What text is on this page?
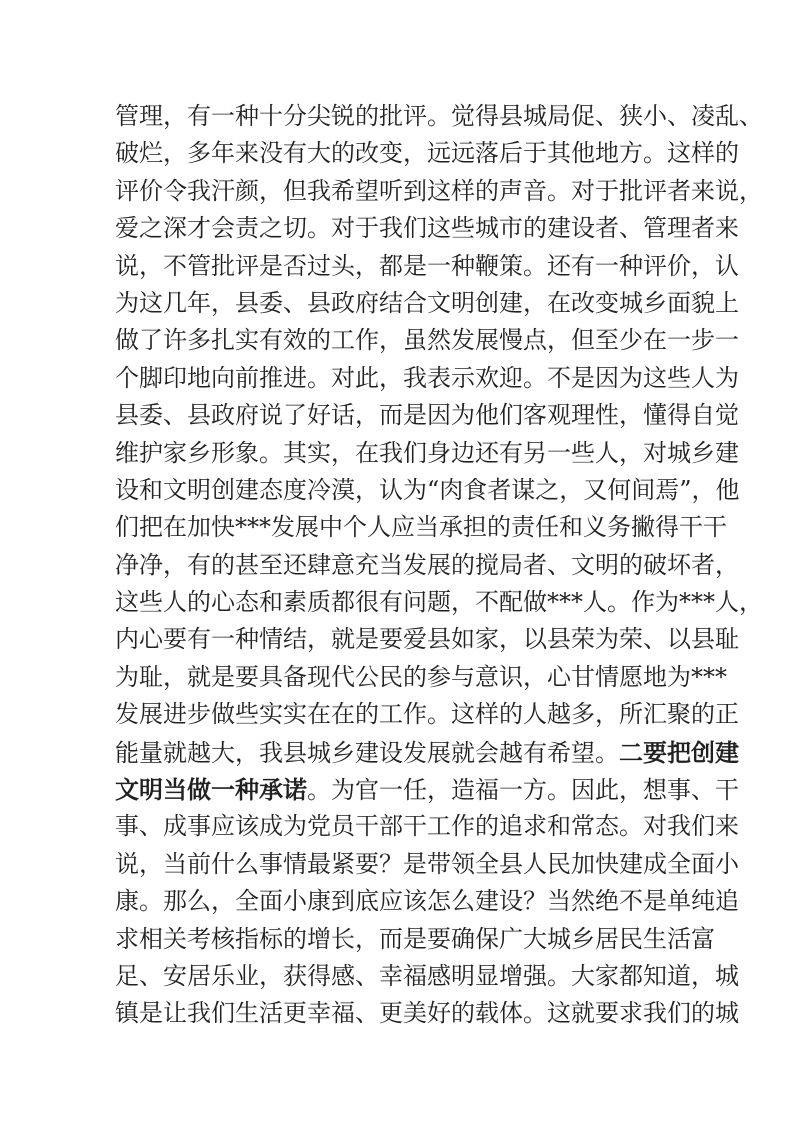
管理，有一种十分尖锐的批评。觉得县城局促、狭小、凌乱、
破烂，多年来没有大的改变，远远落后于其他地方。这样的
评价令我汗颜，但我希望听到这样的声音。对于批评者来说，
爱之深才会责之切。对于我们这些城市的建设者、管理者来
说，不管批评是否过头，都是一种鞭策。还有一种评价，认
为这几年，县委、县政府结合文明创建，在改变城乡面貌上
做了许多扎实有效的工作，虽然发展慢点，但至少在一步一
个脚印地向前推进。对此，我表示欢迎。不是因为这些人为
县委、县政府说了好话，而是因为他们客观理性，懂得自觉
维护家乡形象。其实，在我们身边还有另一些人，对城乡建
设和文明创建态度冷漠，认为“肉食者谋之，又何间焉”，他
们把在加快***发展中个人应当承担的责任和义务撇得干干
净净，有的甚至还肆意充当发展的搅局者、文明的破坏者，
这些人的心态和素质都很有问题，不配做***人。作为***人，
内心要有一种情结，就是要爱县如家，以县荣为荣、以县耻
为耻，就是要具备现代公民的参与意识，心甘情愿地为***
发展进步做些实实在在的工作。这样的人越多，所汇聚的正
能量就越大，我县城乡建设发展就会越有希望。二要把创建
文明当做一种承诺。为官一任，造福一方。因此，想事、干
事、成事应该成为党员干部干工作的追求和常态。对我们来
说，当前什么事情最紧要？是带领全县人民加快建成全面小
康。那么，全面小康到底应该怎么建设？当然绝不是单纯追
求相关考核指标的增长，而是要确保广大城乡居民生活富
足、安居乐业，获得感、幸福感明显增强。大家都知道，城
镇是让我们生活更幸福、更美好的载体。这就要求我们的城
